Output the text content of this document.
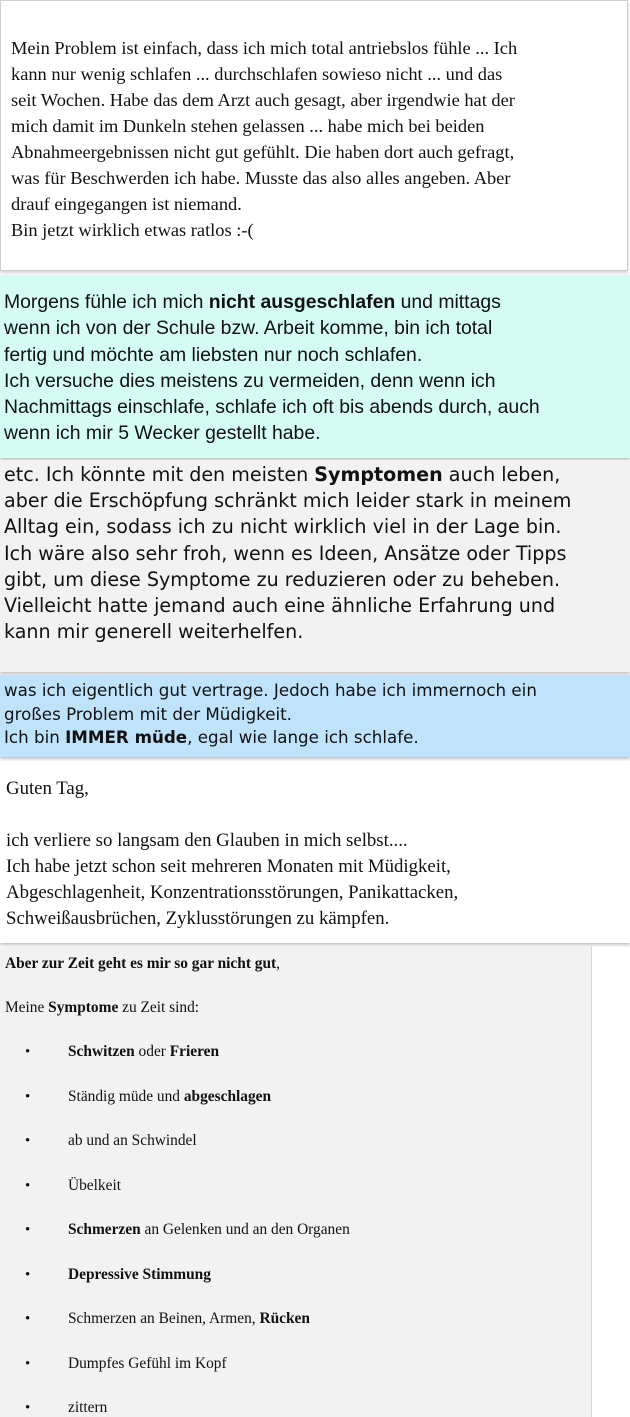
Mein Problem ist einfach, dass ich mich total antriebslos fühle ... Ich
kann nur wenig schlafen ... durchschlafen sowieso nicht ... und das
seit Wochen. Habe das dem Arzt auch gesagt, aber irgendwie hat der
mich damit im Dunkeln stehen gelassen ... habe mich bei beiden
Abnahmeergebnissen nicht gut gefühlt. Die haben dort auch gefragt,
was für Beschwerden ich habe. Musste das also alles angeben. Aber
drauf eingegangen ist niemand.
Bin jetzt wirklich etwas ratlos :-(
Morgens fühle ich mich nicht ausgeschlafen und mittags
wenn ich von der Schule bzw. Arbeit komme, bin ich total
fertig und möchte am liebsten nur noch schlafen.
Ich versuche dies meistens zu vermeiden, denn wenn ich
Nachmittags einschlafe, schlafe ich oft bis abends durch, auch
wenn ich mir 5 Wecker gestellt habe.
etc. Ich könnte mit den meisten Symptomen auch leben,
aber die Erschöpfung schränkt mich leider stark in meinem
Alltag ein, sodass ich zu nicht wirklich viel in der Lage bin.
Ich wäre also sehr froh, wenn es Ideen, Ansätze oder Tipps
gibt, um diese Symptome zu reduzieren oder zu beheben.
Vielleicht hatte jemand auch eine ähnliche Erfahrung und
kann mir generell weiterhelfen.
was ich eigentlich gut vertrage. Jedoch habe ich immernoch ein
großes Problem mit der Müdigkeit.
Ich bin IMMER müde, egal wie lange ich schlafe.
Guten Tag,
ich verliere so langsam den Glauben in mich selbst....
Ich habe jetzt schon seit mehreren Monaten mit Müdigkeit,
Abgeschlagenheit, Konzentrationsstörungen, Panikattacken,
Schweißausbrüchen, Zyklusstörungen zu kämpfen.

Aber zur Zeit geht es mir so gar nicht gut,

Meine Symptome zu Zeit sind:

• Schwitzen oder Frieren
• Ständig müde und abgeschlagen
• ab und an Schwindel
• Übelkeit
• Schmerzen an Gelenken und an den Organen
• Depressive Stimmung
• Schmerzen an Beinen, Armen, Rücken
• Dumpfes Gefühl im Kopf
• zittern
